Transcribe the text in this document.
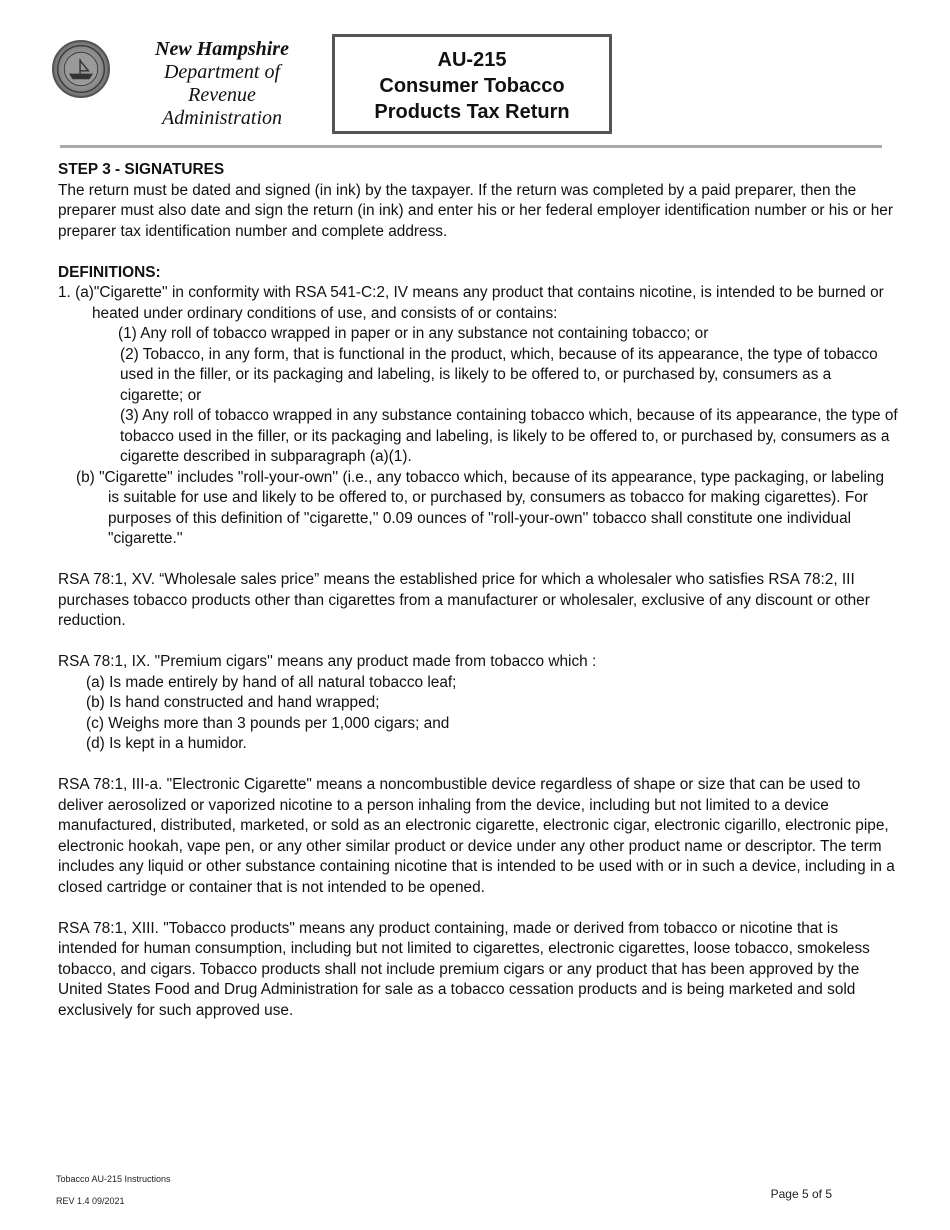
New Hampshire
Department of
Revenue Administration
AU-215
Consumer Tobacco
Products Tax Return

STEP 3 - SIGNATURES

The return must be dated and signed (in ink) by the taxpayer. If the return was completed by a paid preparer, then the preparer must also date and sign the return (in ink) and enter his or her federal employer identification number or his or her preparer tax identification number and complete address.

DEFINITIONS:

1. (a)"Cigarette'' in conformity with RSA 541-C:2, IV means any product that contains nicotine, is intended to be burned or heated under ordinary conditions of use, and consists of or contains:

(1) Any roll of tobacco wrapped in paper or in any substance not containing tobacco; or

(2) Tobacco, in any form, that is functional in the product, which, because of its appearance, the type of tobacco used in the filler, or its packaging and labeling, is likely to be offered to, or purchased by, consumers as a cigarette; or

(3) Any roll of tobacco wrapped in any substance containing tobacco which, because of its appearance, the type of tobacco used in the filler, or its packaging and labeling, is likely to be offered to, or purchased by, consumers as a cigarette described in subparagraph (a)(1).

(b) "Cigarette'' includes "roll-your-own'' (i.e., any tobacco which, because of its appearance, type packaging, or labeling is suitable for use and likely to be offered to, or purchased by, consumers as tobacco for making cigarettes). For purposes of this definition of "cigarette,'' 0.09 ounces of "roll-your-own'' tobacco shall constitute one individual "cigarette.''

RSA 78:1, XV. “Wholesale sales price” means the established price for which a wholesaler who satisfies RSA 78:2, III purchases tobacco products other than cigarettes from a manufacturer or wholesaler, exclusive of any discount or other reduction.

RSA 78:1, IX. "Premium cigars'' means any product made from tobacco which :

(a) Is made entirely by hand of all natural tobacco leaf;

(b) Is hand constructed and hand wrapped;

(c) Weighs more than 3 pounds per 1,000 cigars; and

(d) Is kept in a humidor.

RSA 78:1, III-a. "Electronic Cigarette" means a noncombustible device regardless of shape or size that can be used to deliver aerosolized or vaporized nicotine to a person inhaling from the device, including but not limited to a device manufactured, distributed, marketed, or sold as an electronic cigarette, electronic cigar, electronic cigarillo, electronic pipe, electronic hookah, vape pen, or any other similar product or device under any other product name or descriptor. The term includes any liquid or other substance containing nicotine that is intended to be used with or in such a device, including in a closed cartridge or container that is not intended to be opened.

RSA 78:1, XIII. "Tobacco products" means any product containing, made or derived from tobacco or nicotine that is intended for human consumption, including but not limited to cigarettes, electronic cigarettes, loose tobacco, smokeless tobacco, and cigars. Tobacco products shall not include premium cigars or any product that has been approved by the United States Food and Drug Administration for sale as a tobacco cessation products and is being marketed and sold exclusively for such approved use.

Tobacco AU-215 Instructions
REV 1.4 09/2021	Page 5 of 5
